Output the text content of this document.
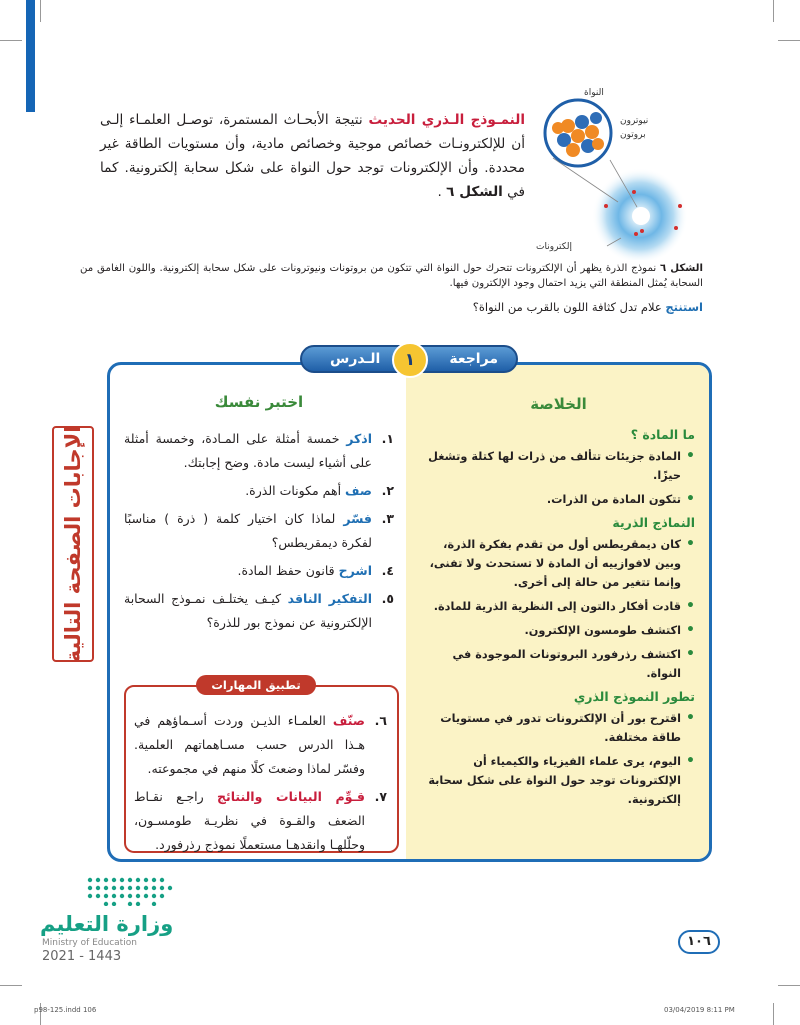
النمـوذج الـذري الحديث نتيجة الأبحـاث المستمرة، توصـل العلمـاء إلـى أن للإلكترونـات خصائص موجية وخصائص مادية، وأن مستويات الطاقة غير محددة. وأن الإلكترونات توجد حول النواة على شكل سحابة إلكترونية. كما في الشكل ٦ .

النواة
نيوترون
بروتون
إلكترونات

الشكل ٦ نموذج الذرة يظهر أن الإلكترونات تتحرك حول النواة التي تتكون من بروتونات ونيوترونات على شكل سحابة إلكترونية. واللون الغامق من السحابة يُمثل المنطقة التي يزيد احتمال وجود الإلكترون فيها.

استنتج علام تدل كثافة اللون بالقرب من النواة؟

الخلاصة
ما المادة ؟
• المادة جزيئات تتألف من ذرات لها كتلة وتشغل حيزًا.
• تتكون المادة من الذرات.
النماذج الذرية
• كان ديمقريطس أول من تقدم بفكرة الذرة، وبين لافوازييه أن المادة لا تستحدث ولا تفنى، وإنما تتغير من حالة إلى أخرى.
• قادت أفكار دالتون إلى النظرية الذرية للمادة.
• اكتشف طومسون الإلكترون.
• اكتشف رذرفورد البروتونات الموجودة في النواة.
تطور النموذج الذري
• اقترح بور أن الإلكترونات تدور في مستويات طاقة مختلفة.
• اليوم، يرى علماء الفيزياء والكيمياء أن الإلكترونات توجد حول النواة على شكل سحابة إلكترونية.
اختبر نفسك
١.
اذكر خمسة أمثلة على المـادة، وخمسة أمثلة على أشياء ليست مادة. وضح إجابتك.
٢.
صف أهم مكونات الذرة.
٣.
فسّر لماذا كان اختيار كلمة ( ذرة ) مناسبًا لفكرة ديمقريطس؟
٤.
اشرح قانون حفظ المادة.
٥.
التفكير الناقد كيـف يختلـف نمـوذج السحابة الإلكترونية عن نموذج بور للذرة؟
تطبيق المهارات
٦.
صنّف العلمـاء الذيـن وردت أسـماؤهم في هـذا الدرس حسب مسـاهماتهم العلمية. وفسّر لماذا وضعتَ كلًا منهم في مجموعته.
٧.
قـوِّم البيانات والنتائج راجـع نقـاط الضعف والقـوة في نظريـة طومسـون، وحلّلهـا وانقدهـا مستعملًا نموذج رذرفورد.
مراجعة
١
الـدرس
الإجابات الصفحة التالية
وزارة التعليم
Ministry of Education
2021 - 1443
١٠٦
p98-125.indd 106	03/04/2019 8:11 PM
